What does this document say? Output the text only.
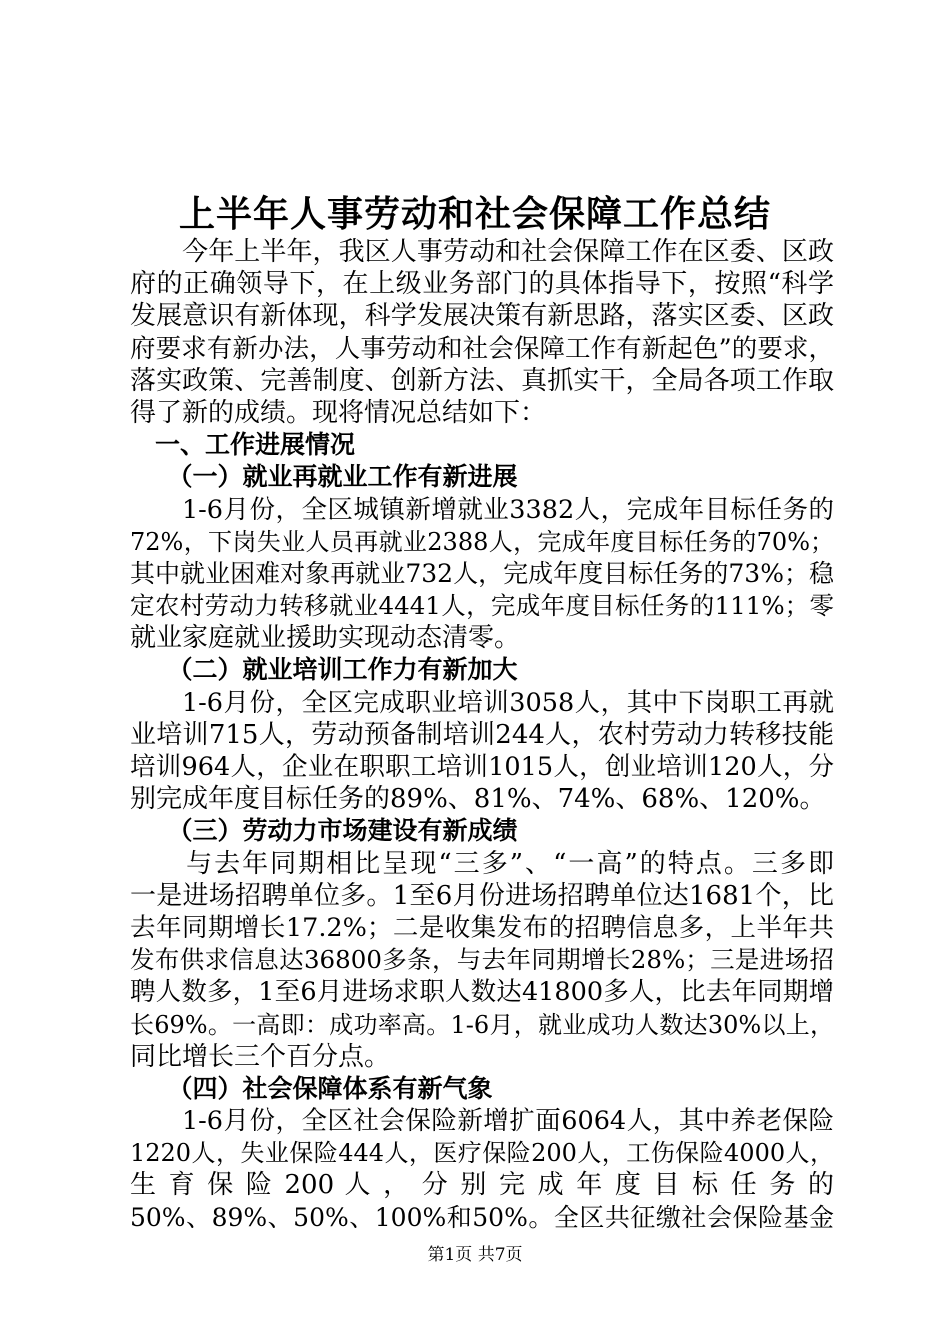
上半年人事劳动和社会保障工作总结
　　今年上半年，我区人事劳动和社会保障工作在区委、区政
府的正确领导下，在上级业务部门的具体指导下，按照“科学
发展意识有新体现，科学发展决策有新思路，落实区委、区政
府要求有新办法，人事劳动和社会保障工作有新起色”的要求，
落实政策、完善制度、创新方法、真抓实干，全局各项工作取
得了新的成绩。现将情况总结如下：
　一、工作进展情况
　　（一）就业再就业工作有新进展
　　1-6月份，全区城镇新增就业3382人，完成年目标任务的
72%，下岗失业人员再就业2388人，完成年度目标任务的70%；
其中就业困难对象再就业732人，完成年度目标任务的73%；稳
定农村劳动力转移就业4441人，完成年度目标任务的111%；零
就业家庭就业援助实现动态清零。
　　（二）就业培训工作力有新加大
　　1-6月份，全区完成职业培训3058人，其中下岗职工再就
业培训715人，劳动预备制培训244人，农村劳动力转移技能
培训964人，企业在职职工培训1015人，创业培训120人，分
别完成年度目标任务的89%、81%、74%、68%、120%。
　　（三）劳动力市场建设有新成绩
　　与去年同期相比呈现“三多”、“一高”的特点。三多即
一是进场招聘单位多。1至6月份进场招聘单位达1681个，比
去年同期增长17.2%；二是收集发布的招聘信息多，上半年共
发布供求信息达36800多条，与去年同期增长28%；三是进场招
聘人数多，1至6月进场求职人数达41800多人，比去年同期增
长69%。一高即：成功率高。1-6月，就业成功人数达30%以上，
同比增长三个百分点。
　　（四）社会保障体系有新气象
　　1-6月份，全区社会保险新增扩面6064人，其中养老保险
1220人，失业保险444人，医疗保险200人，工伤保险4000人，
生 育 保 险 200 人 ， 分 别 完 成 年 度 目 标 任 务 的
50%、89%、50%、100%和50%。全区共征缴社会保险基金
第1页 共7页
